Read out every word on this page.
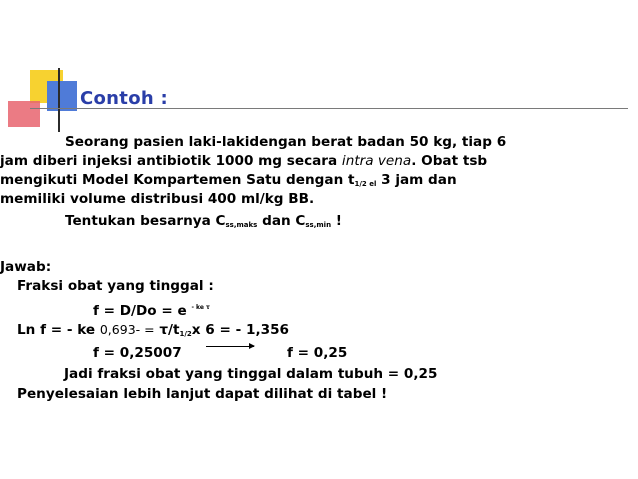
Contoh :
Seorang pasien laki-lakidengan berat badan 50 kg, tiap 6
jam diberi injeksi antibiotik 1000 mg secara intra vena. Obat tsb
mengikuti Model Kompartemen Satu dengan $t_{1/2 el}$ 3 jam dan
memiliki volume distribusi 400 ml/kg BB.
Tentukan besarnya $C_{ss,maks}$ dan $C_{ss,min}$ !
Jawab:
Fraksi obat yang tinggal :
f = D/Do = e $^{- ke \tau}$
Ln f = - ke $0,693- = \tau/t_{1/2}x$ 6 = - 1,356
f = 0,25007	f = 0,25
Jadi fraksi obat yang tinggal dalam tubuh = 0,25
Penyelesaian lebih lanjut dapat dilihat di tabel !
